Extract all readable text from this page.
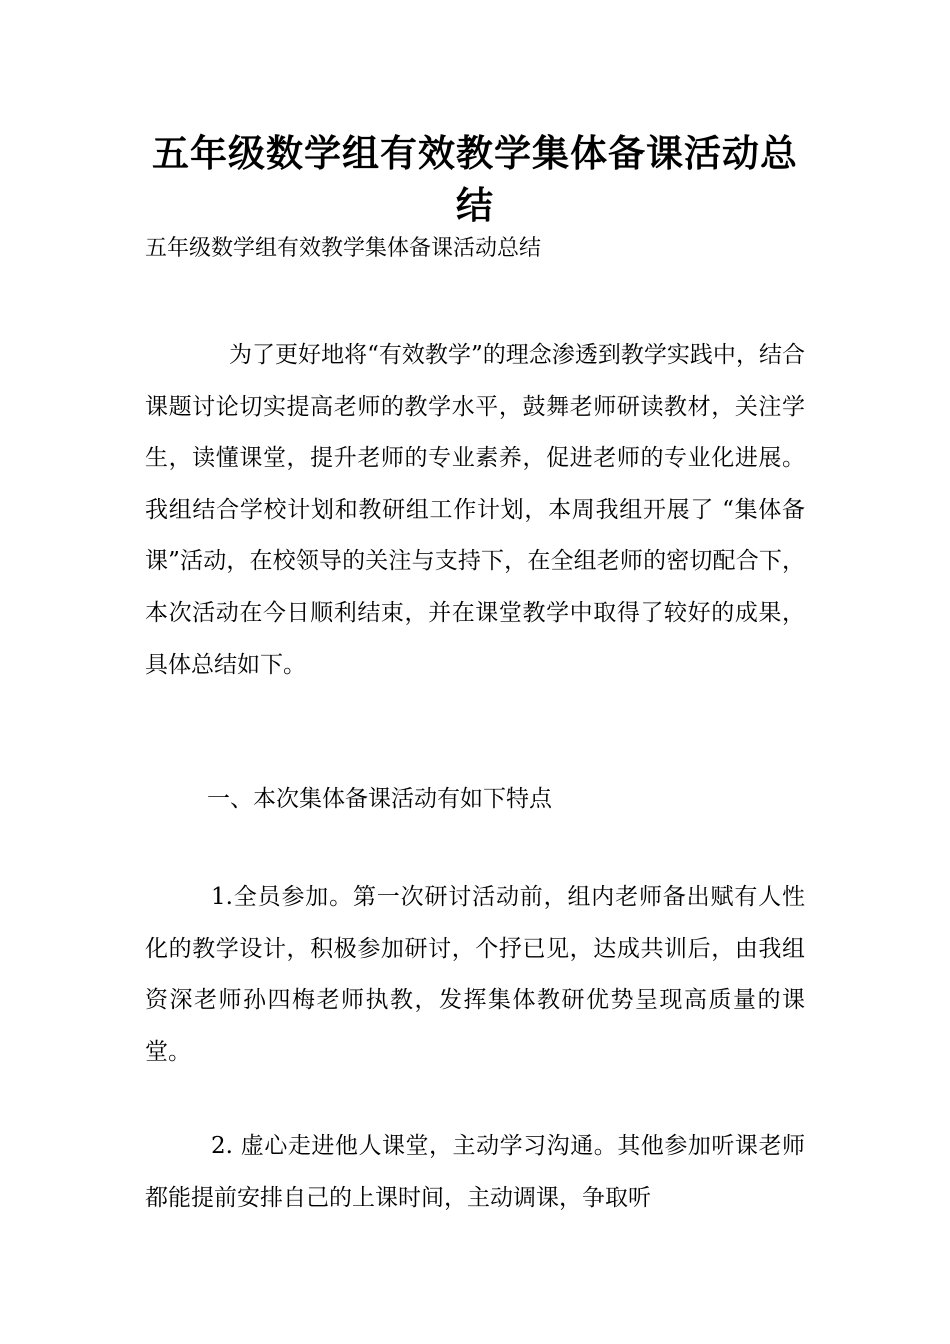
五年级数学组有效教学集体备课活动总结

五年级数学组有效教学集体备课活动总结

为了更好地将“有效教学”的理念渗透到教学实践中，结合课题讨论切实提高老师的教学水平，鼓舞老师研读教材，关注学生，读懂课堂，提升老师的专业素养，促进老师的专业化进展。我组结合学校计划和教研组工作计划，本周我组开展了 “集体备课”活动，在校领导的关注与支持下，在全组老师的密切配合下，本次活动在今日顺利结束，并在课堂教学中取得了较好的成果，具体总结如下。

一、本次集体备课活动有如下特点

1.全员参加。第一次研讨活动前，组内老师备出赋有人性化的教学设计，积极参加研讨，个抒已见，达成共训后，由我组资深老师孙四梅老师执教，发挥集体教研优势呈现高质量的课堂。

2. 虚心走进他人课堂，主动学习沟通。其他参加听课老师都能提前安排自己的上课时间，主动调课，争取听
